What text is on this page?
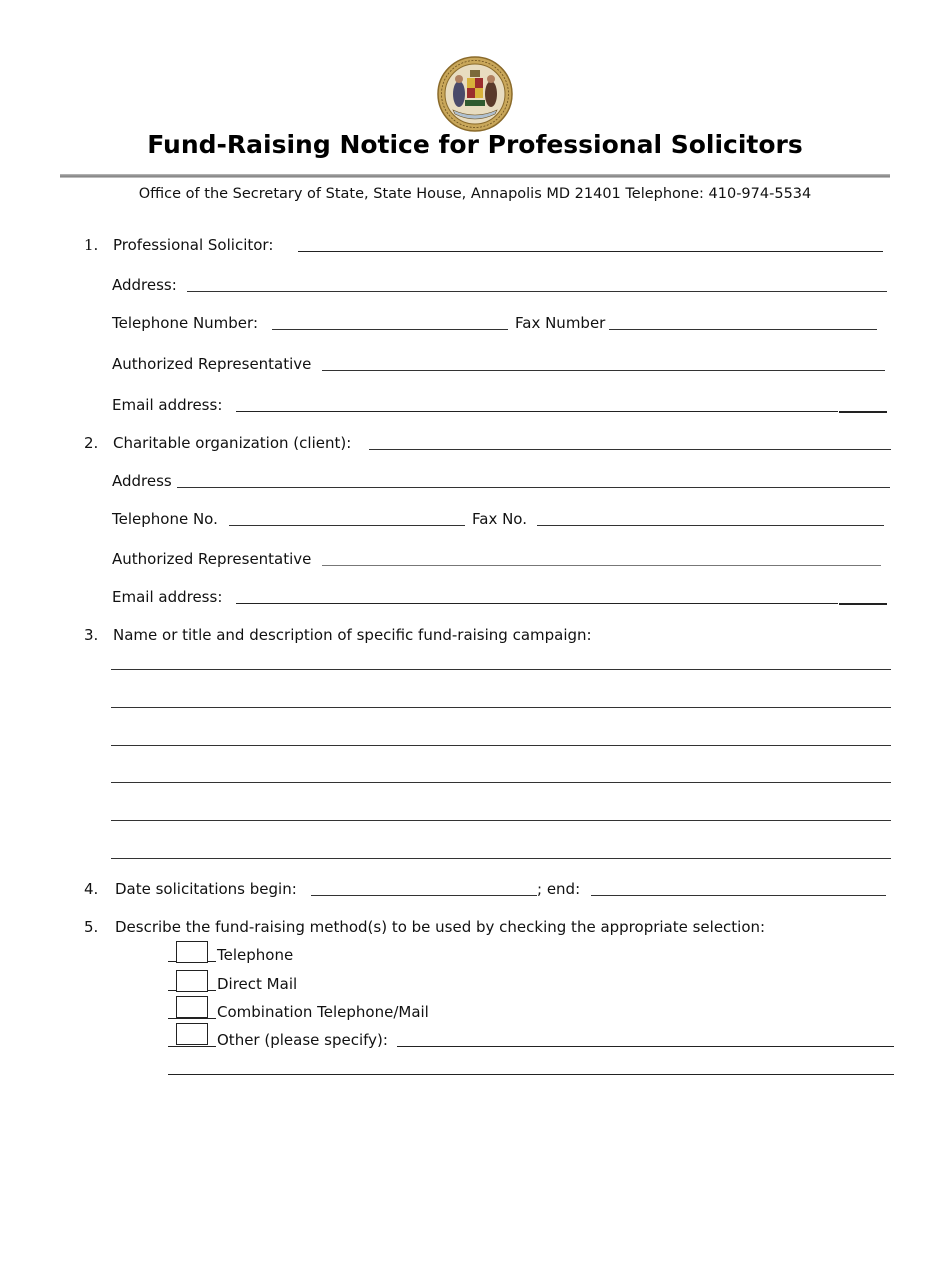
Fund-Raising Notice for Professional Solicitors
Office of the Secretary of State, State House, Annapolis MD 21401 Telephone: 410-974-5534
1. Professional Solicitor:
Address:
Telephone Number:	Fax Number
Authorized Representative
Email address:
2. Charitable organization (client):
Address
Telephone No.	Fax No.
Authorized Representative
Email address:
3. Name or title and description of specific fund-raising campaign:
4. Date solicitations begin:	; end:
5. Describe the fund-raising method(s) to be used by checking the appropriate selection:
Telephone
Direct Mail
Combination Telephone/Mail
Other (please specify):
